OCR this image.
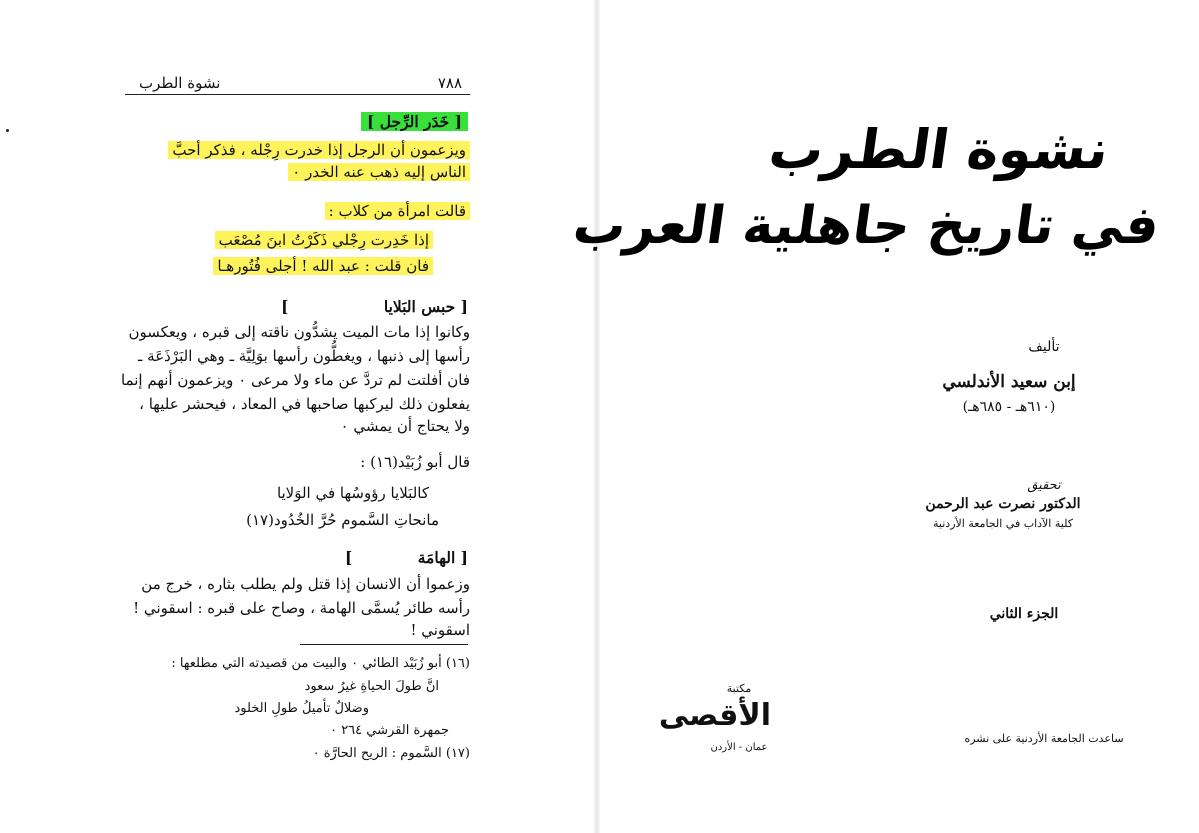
٧٨٨
نشوة الطرب
[ خَدَر الرِّجل ]
ويزعمون أن الرجل إذا خدرت رِجْله ، فذكر أحبَّ
الناس إليه ذهب عنه الخدر ٠
قالت امرأة من كلاب :
إذا خَدِرت رِجْلي ذَكَرْتُ ابنَ مُصْعَب
فان قلت : عبد الله ! أجلى فُتُورهـا
[ حبس البَلايا ]
وكانوا إذا مات الميت يشدُّون ناقته إلى قبره ، ويعكسون
رأسها إلى ذنبها ، ويغطُّون رأسها بوَلِيَّة ـ وهي البَرْذَعَة ـ
فان أفلتت لم تردَّ عن ماء ولا مرعى ٠ ويزعمون أنهم إنما
يفعلون ذلك ليركبها صاحبها في المعاد ، فيحشر عليها ،
ولا يحتاج أن يمشي ٠
قال أبو زُبَيْد(١٦) :
كالبَلايا رؤوسُها في الوَلايا
مانحاتِ السَّموم حُرَّ الخُدُود(١٧)
[ الهامَة ]
وزعموا أن الانسان إذا قتل ولم يطلب بثاره ، خرج من
رأسه طائر يُسمَّى الهامة ، وصاح على قبره : اسقوني !
اسقوني !
(١٦) أبو زُبَيْد الطائي ٠ والبيت من قصيدته التي مطلعها :
انَّ طولَ الحياةِ غيرُ سعود
وضلالٌ تأميلُ طولِ الخلود
جمهرة القرشي ٢٦٤ ٠
(١٧) السَّموم : الريح الحارَّة ٠
نشوة الطرب
في تاريخ جاهلية العرب
تأليف
إبن سعيد الأندلسي
(٦١٠هـ - ٦٨٥هـ)
تحقيق
الدكتور نصرت عبد الرحمن
كلية الآداب في الجامعة الأردنية
الجزء الثاني
مكتبة
الأقصى
عمان - الأردن
ساعدت الجامعة الأردنية على نشره
